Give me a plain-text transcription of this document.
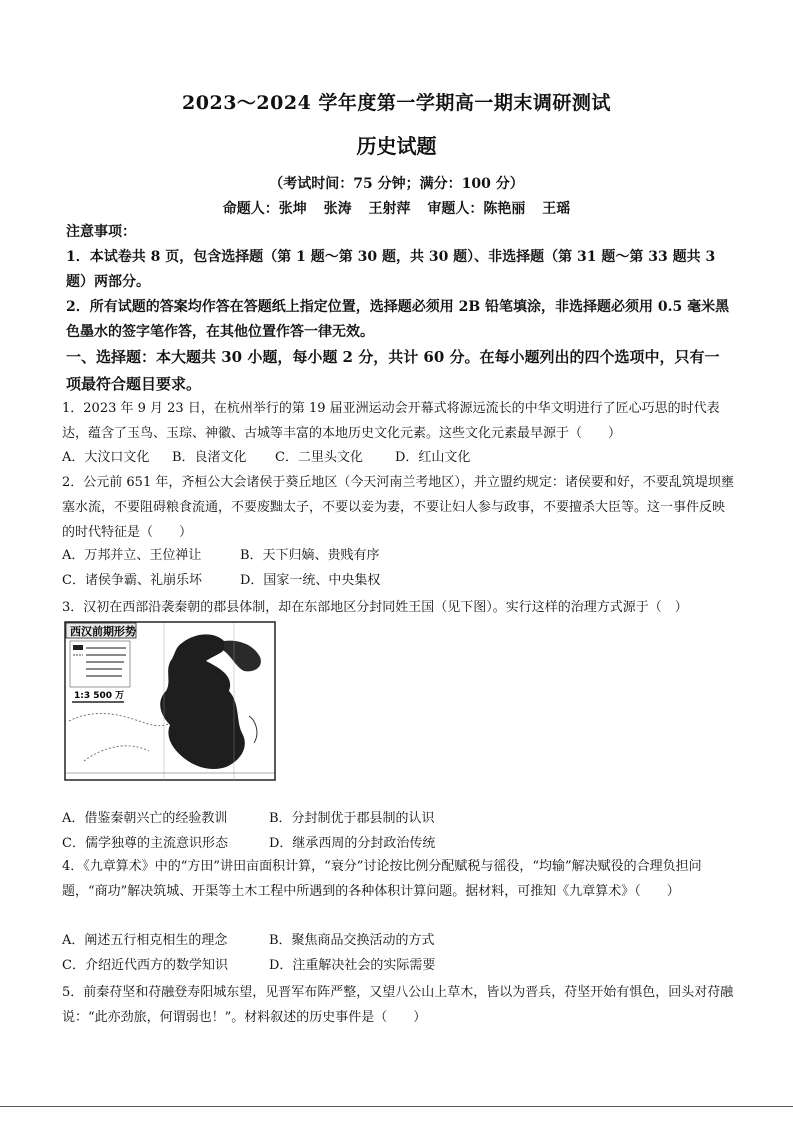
2023～2024 学年度第一学期高一期末调研测试
历史试题
（考试时间：75 分钟；满分：100 分）
命题人：张坤 张涛 王射萍 审题人：陈艳丽 王瑶
注意事项：
1．本试卷共 8 页，包含选择题（第 1 题～第 30 题，共 30 题）、非选择题（第 31 题～第 33 题共 3 题）两部分。
2．所有试题的答案均作答在答题纸上指定位置，选择题必须用 2B 铅笔填涂，非选择题必须用 0.5 毫米黑色墨水的签字笔作答，在其他位置作答一律无效。
一、选择题：本大题共 30 小题，每小题 2 分，共计 60 分。在每小题列出的四个选项中，只有一项最符合题目要求。
1．2023 年 9 月 23 日，在杭州举行的第 19 届亚洲运动会开幕式将源远流长的中华文明进行了匠心巧思的时代表达，蕴含了玉鸟、玉琮、神徽、古城等丰富的本地历史文化元素。这些文化元素最早源于（　　）
A．大汶口文化 B．良渚文化 C．二里头文化 D．红山文化
2．公元前 651 年，齐桓公大会诸侯于葵丘地区（今天河南兰考地区），并立盟约规定：诸侯要和好，不要乱筑堤坝壅塞水流，不要阻碍粮食流通，不要废黜太子，不要以妾为妻，不要让妇人参与政事，不要擅杀大臣等。这一事件反映的时代特征是（　　）
A．万邦并立、王位禅让	B．天下归嫡、贵贱有序
C．诸侯争霸、礼崩乐坏	D．国家一统、中央集权
3．汉初在西部沿袭秦朝的郡县体制，却在东部地区分封同姓王国（见下图）。实行这样的治理方式源于（　）
西汉前期形势
1:3 500 万
A．借鉴秦朝兴亡的经验教训	B．分封制优于郡县制的认识
C．儒学独尊的主流意识形态	D．继承西周的分封政治传统
4．《九章算术》中的“方田”讲田亩面积计算，“衰分”讨论按比例分配赋税与徭役，“均输”解决赋役的合理负担问题，“商功”解决筑城、开渠等土木工程中所遇到的各种体积计算问题。据材料，可推知《九章算术》（　　）
A．阐述五行相克相生的理念	B．聚焦商品交换活动的方式
C．介绍近代西方的数学知识	D．注重解决社会的实际需要
5．前秦苻坚和苻融登寿阳城东望，见晋军布阵严整，又望八公山上草木，皆以为晋兵，苻坚开始有惧色，回头对苻融说：“此亦劲旅，何谓弱也！”。材料叙述的历史事件是（　　）
